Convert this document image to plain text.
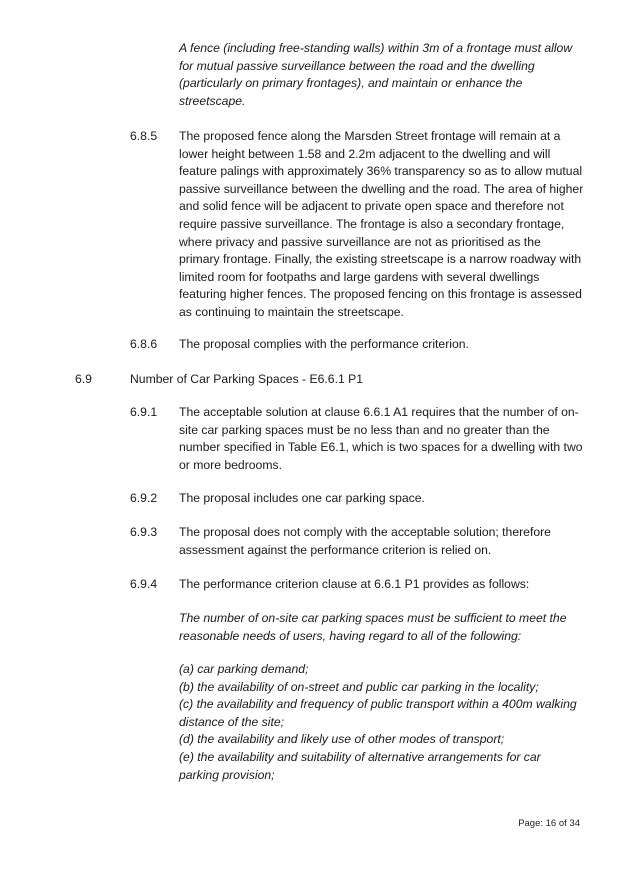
A fence (including free-standing walls) within 3m of a frontage must allow for mutual passive surveillance between the road and the dwelling (particularly on primary frontages), and maintain or enhance the streetscape.
6.8.5 The proposed fence along the Marsden Street frontage will remain at a lower height between 1.58 and 2.2m adjacent to the dwelling and will feature palings with approximately 36% transparency so as to allow mutual passive surveillance between the dwelling and the road. The area of higher and solid fence will be adjacent to private open space and therefore not require passive surveillance. The frontage is also a secondary frontage, where privacy and passive surveillance are not as prioritised as the primary frontage. Finally, the existing streetscape is a narrow roadway with limited room for footpaths and large gardens with several dwellings featuring higher fences. The proposed fencing on this frontage is assessed as continuing to maintain the streetscape.
6.8.6 The proposal complies with the performance criterion.
6.9	Number of Car Parking Spaces - E6.6.1 P1
6.9.1 The acceptable solution at clause 6.6.1 A1 requires that the number of on-site car parking spaces must be no less than and no greater than the number specified in Table E6.1, which is two spaces for a dwelling with two or more bedrooms.
6.9.2 The proposal includes one car parking space.
6.9.3 The proposal does not comply with the acceptable solution; therefore assessment against the performance criterion is relied on.
6.9.4 The performance criterion clause at 6.6.1 P1 provides as follows:
The number of on-site car parking spaces must be sufficient to meet the reasonable needs of users, having regard to all of the following:
(a) car parking demand;
(b) the availability of on-street and public car parking in the locality;
(c) the availability and frequency of public transport within a 400m walking distance of the site;
(d) the availability and likely use of other modes of transport;
(e) the availability and suitability of alternative arrangements for car parking provision;
Page: 16 of 34
